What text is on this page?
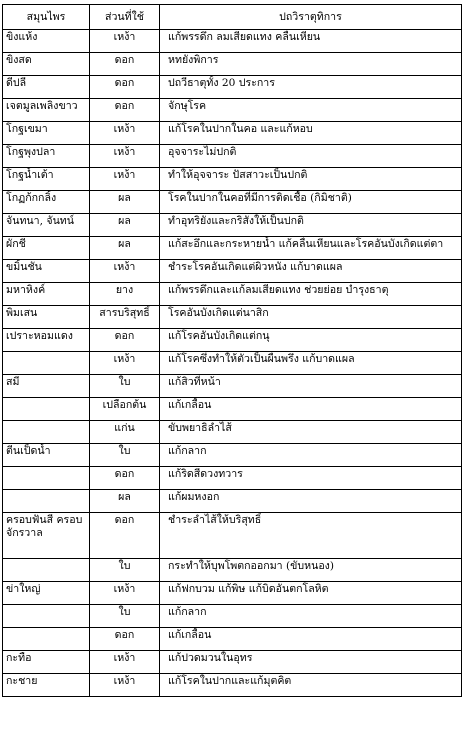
สมุนไพร	ส่วนที่ใช้	ปถวิราตุทิการ
ขิงแห้ง	เหง้า	แก้พรรดึก ลมเสียดแทง คลื่นเหียน
ขิงสด	ดอก	หทยังพิการ
ดีปลี	ดอก	ปถวีธาตุทั้ง 20 ประการ
เจตมูลเพลิงขาว	ดอก	จักษุโรค
โกฐเขมา	เหง้า	แก้โรคในปากในคอ และแก้หอบ
โกฐพุงปลา	เหง้า	อุจจาระไม่ปกติ
โกฐน้ำเต้า	เหง้า	ทำให้อุจจาระ ปัสสาวะเป็นปกติ
โกฏก้กกลิ้ง	ผล	โรคในปากในคอที่มีการติดเชื้อ (กิมิชาติ)
จันทนา, จันทน์	ผล	ทำอุทริยังและกริสังให้เป็นปกติ
ผักชี	ผล	แก้สะอึกและกระหายน้ำ แก้คลื่นเหียนและโรคอันบังเกิดแต่ตา
ขมิ้นชัน	เหง้า	ชำระโรคอันเกิดแต่ผิวหนัง แก้บาดแผล
มหาหิงค์	ยาง	แก้พรรดึกและแก้ลมเสียดแทง ช่วยย่อย บำรุงธาตุ
พิมเสน	สารบริสุทธิ์	โรคอันบังเกิดแต่นาสิก
เปราะหอมแดง	ดอก	แก้โรคอันบังเกิดแต่กนุ
	เหง้า	แก้โรคซึ่งทำให้ตัวเป็นผื่นพรึง แก้บาดแผล
สมี	ใบ	แก้สิวที่หน้า
	เปลือกต้น	แก้เกลื้อน
	แก่น	ขับพยาธิลำไส้
ตีนเป็ดน้ำ	ใบ	แก้กลาก
	ดอก	แก้ริดสีดวงทวาร
	ผล	แก้ผมหงอก
ครอบฟันสี ครอบจักรวาล	ดอก	ชำระลำไส้ให้บริสุทธิ์
	ใบ	กระทำให้บุพโพตกออกมา (ขับหนอง)
ข่าใหญ่	เหง้า	แก้ฟกบวม แก้พิษ แก้บิดอันตกโลหิต
	ใบ	แก้กลาก
	ดอก	แก้เกลื้อน
กะทือ	เหง้า	แก้ปวดมวนในอุทร
กะชาย	เหง้า	แก้โรคในปากและแก้มุตคิต
